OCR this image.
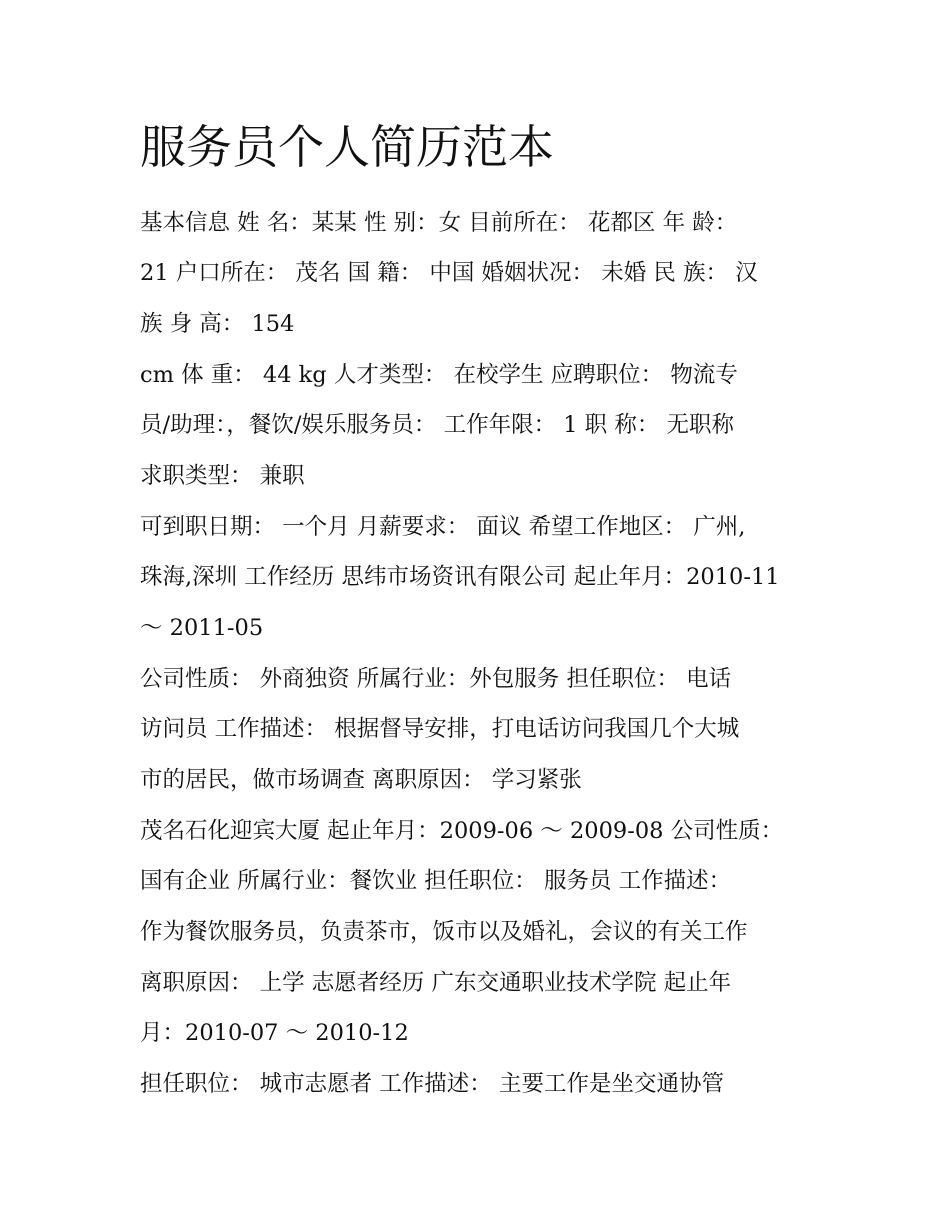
服务员个人简历范本

基本信息 姓 名：某某 性 别：女 目前所在： 花都区 年 龄：

21 户口所在： 茂名 国 籍： 中国 婚姻状况： 未婚 民 族： 汉

族 身 高： 154

cm 体 重： 44 kg 人才类型： 在校学生 应聘职位： 物流专

员/助理：，餐饮/娱乐服务员： 工作年限： 1 职 称： 无职称

求职类型： 兼职

可到职日期： 一个月 月薪要求： 面议 希望工作地区： 广州,

珠海,深圳 工作经历 思纬市场资讯有限公司 起止年月：2010-11

～ 2011-05

公司性质： 外商独资 所属行业：外包服务 担任职位： 电话

访问员 工作描述： 根据督导安排，打电话访问我国几个大城

市的居民，做市场调查 离职原因： 学习紧张

茂名石化迎宾大厦 起止年月：2009-06 ～ 2009-08 公司性质：

国有企业 所属行业：餐饮业 担任职位： 服务员 工作描述：

作为餐饮服务员，负责茶市，饭市以及婚礼，会议的有关工作

离职原因： 上学 志愿者经历 广东交通职业技术学院 起止年

月：2010-07 ～ 2010-12

担任职位： 城市志愿者 工作描述： 主要工作是坐交通协管
